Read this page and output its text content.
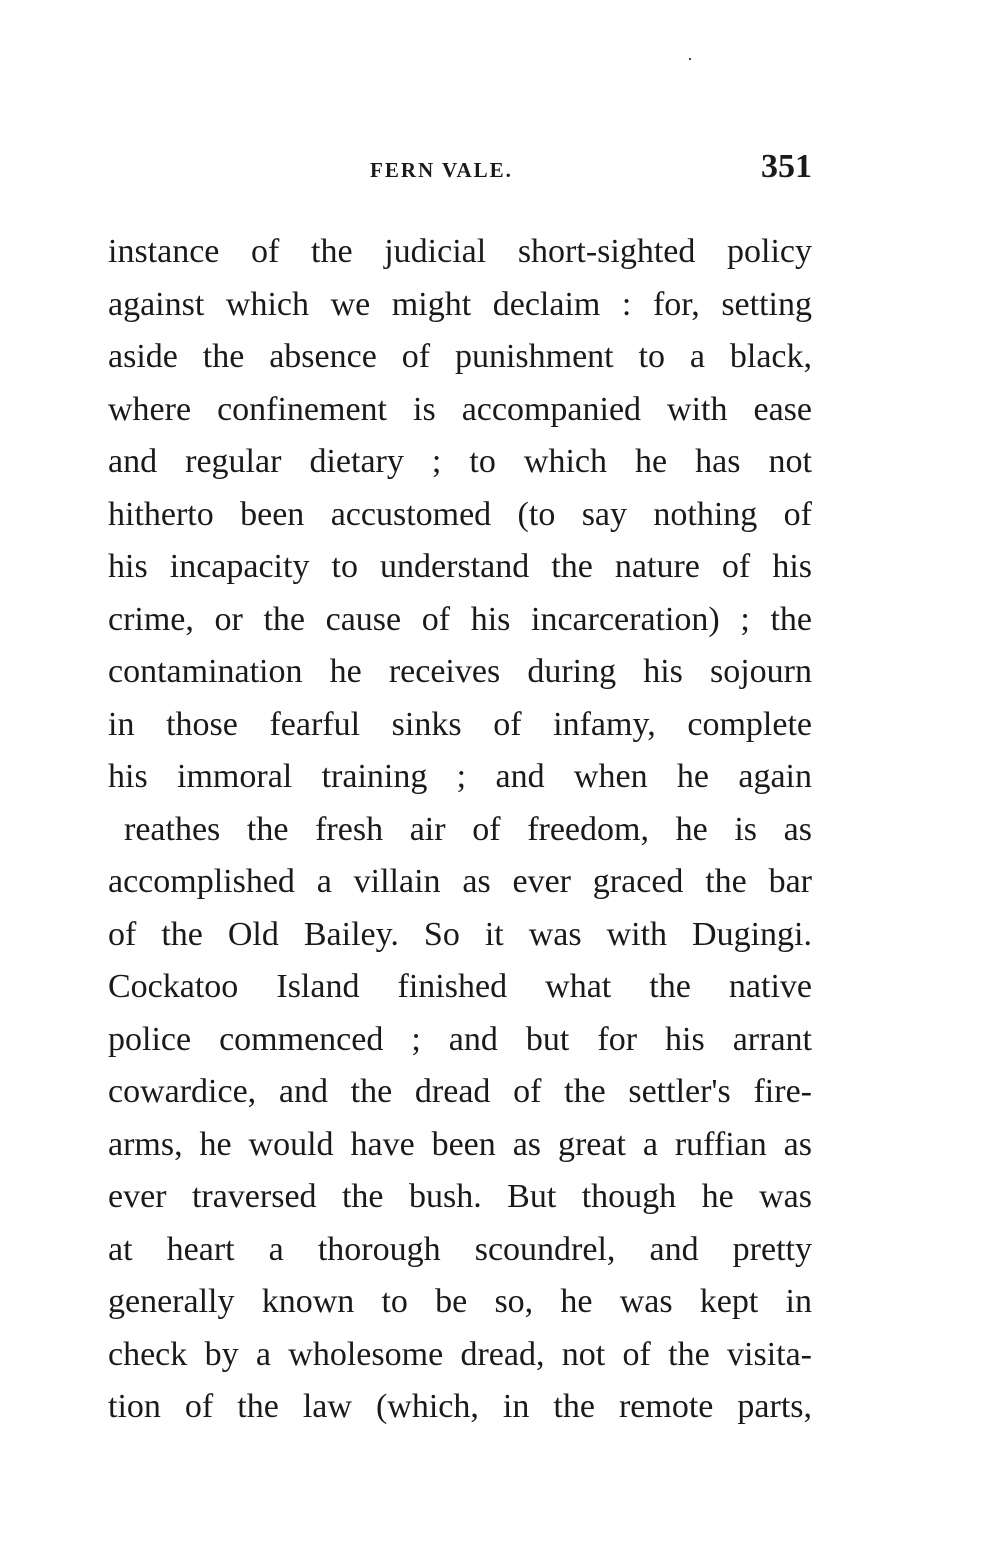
FERN VALE.	351
instance of the judicial short-sighted policy
against which we might declaim : for, setting
aside the absence of punishment to a black,
where confinement is accompanied with ease
and regular dietary ; to which he has not
hitherto been accustomed (to say nothing of
his incapacity to understand the nature of his
crime, or the cause of his incarceration) ; the
contamination he receives during his sojourn
in those fearful sinks of infamy, complete
his immoral training ; and when he again
reathes the fresh air of freedom, he is as
accomplished a villain as ever graced the bar
of the Old Bailey. So it was with Dugingi.
Cockatoo Island finished what the native
police commenced ; and but for his arrant
cowardice, and the dread of the settler's fire-
arms, he would have been as great a ruffian as
ever traversed the bush. But though he was
at heart a thorough scoundrel, and pretty
generally known to be so, he was kept in
check by a wholesome dread, not of the visita-
tion of the law (which, in the remote parts,
